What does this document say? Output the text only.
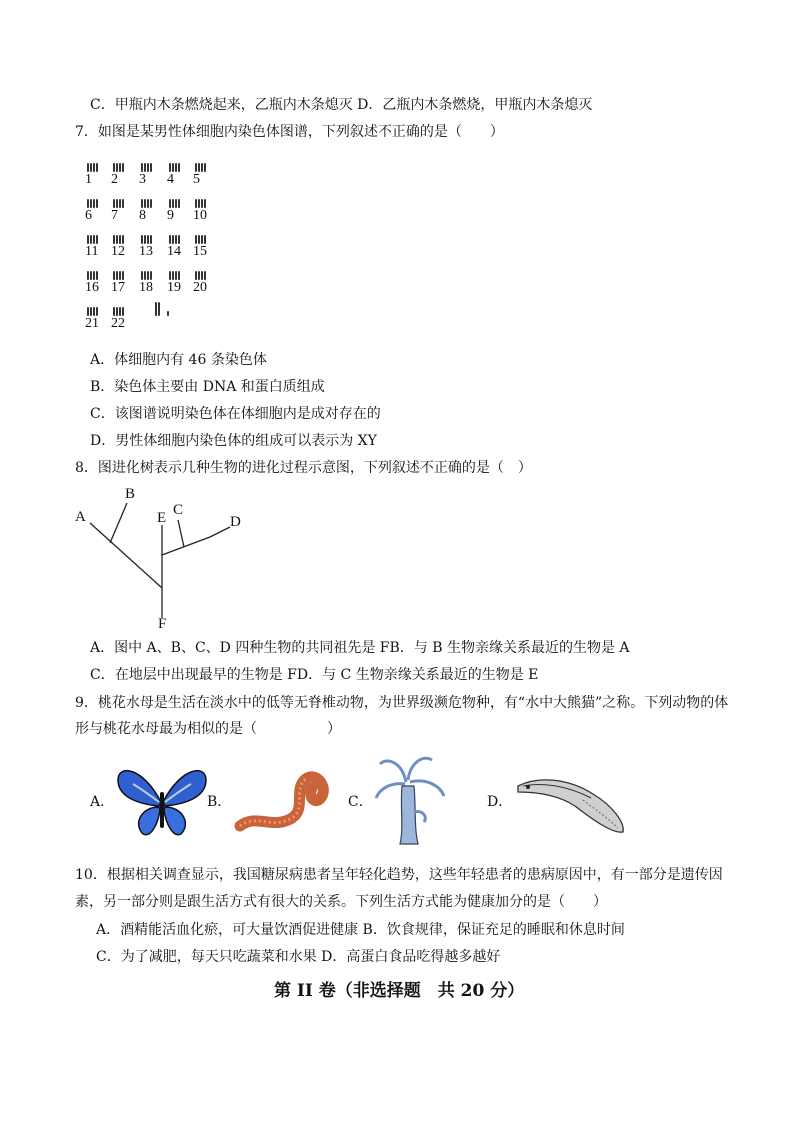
C．甲瓶内木条燃烧起来，乙瓶内木条熄灭 D．乙瓶内木条燃烧，甲瓶内木条熄灭
7．如图是某男性体细胞内染色体图谱，下列叙述不正确的是（　　）
1 2 3 4 5
6 7 8 9 10
11 12 13 14 15
16 17 18 19 20
21 22
A．体细胞内有 46 条染色体
B．染色体主要由 DNA 和蛋白质组成
C．该图谱说明染色体在体细胞内是成对存在的
D．男性体细胞内染色体的组成可以表示为 XY
8．图进化树表示几种生物的进化过程示意图，下列叙述不正确的是（　）
A
B
E C
D
F
A．图中 A、B、C、D 四种生物的共同祖先是 FB．与 B 生物亲缘关系最近的生物是 A
C．在地层中出现最早的生物是 FD．与 C 生物亲缘关系最近的生物是 E
9．桃花水母是生活在淡水中的低等无脊椎动物，为世界级濒危物种，有“水中大熊猫”之称。下列动物的体
形与桃花水母最为相似的是（　　　　　）
A．	B．	C．	D．
10．根据相关调查显示，我国糖尿病患者呈年轻化趋势，这些年轻患者的患病原因中，有一部分是遗传因
素，另一部分则是跟生活方式有很大的关系。下列生活方式能为健康加分的是（　　）
A．酒精能活血化瘀，可大量饮酒促进健康 B．饮食规律，保证充足的睡眠和休息时间
C．为了减肥，每天只吃蔬菜和水果 D．高蛋白食品吃得越多越好
第 II 卷（非选择题　共 20 分）
